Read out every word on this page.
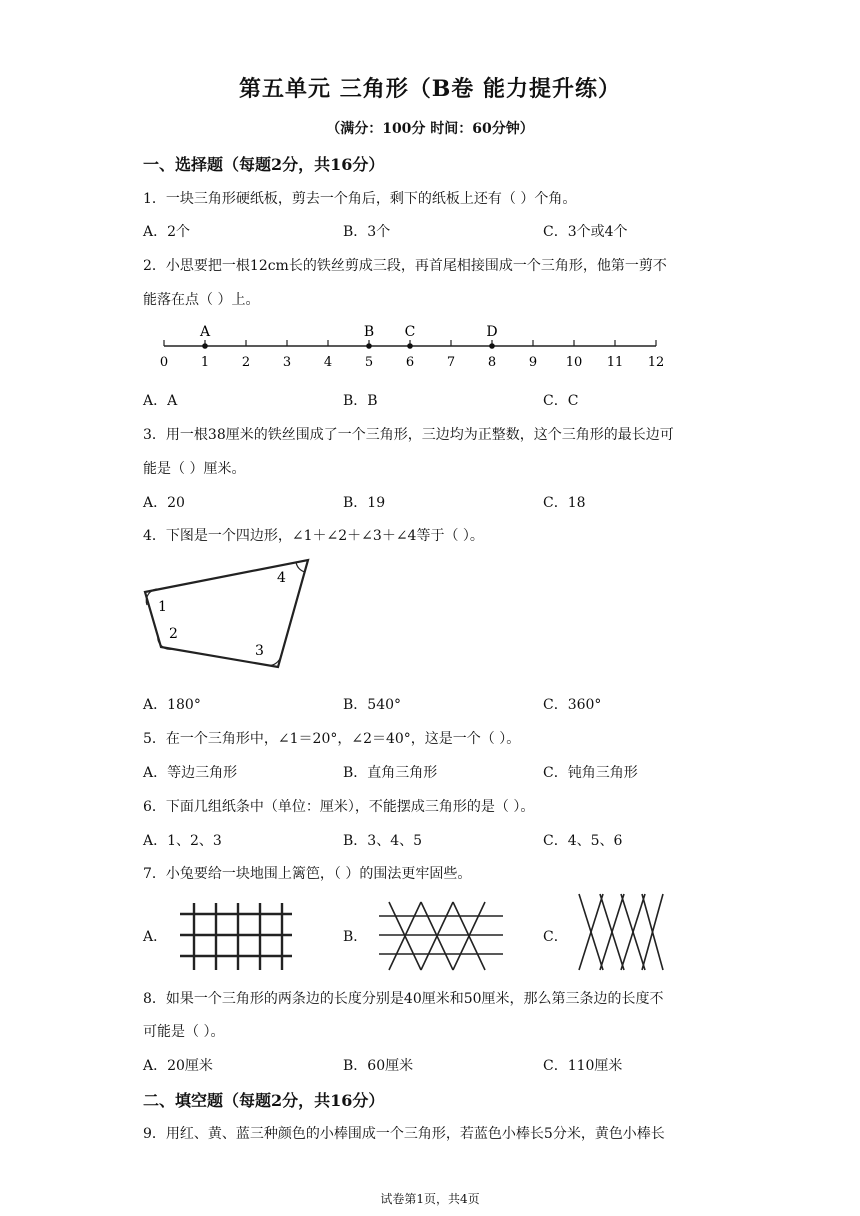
第五单元 三角形（B卷 能力提升练）
（满分：100分 时间：60分钟）
一、选择题（每题2分，共16分）
1．一块三角形硬纸板，剪去一个角后，剩下的纸板上还有（ ）个角。
A．2个	B．3个	C．3个或4个
2．小思要把一根12cm长的铁丝剪成三段，再首尾相接围成一个三角形，他第一剪不
能落在点（ ）上。
0	1	2	3	4	5	6	7	8	9 10 11 12
A	B C	D
A．A	B．B	C．C
3．用一根38厘米的铁丝围成了一个三角形，三边均为正整数，这个三角形的最长边可
能是（ ）厘米。
A．20	B．19	C．18
4．下图是一个四边形，∠1＋∠2＋∠3＋∠4等于（ ）。
1
2
3
4
A．180°	B．540°	C．360°
5．在一个三角形中，∠1＝20°，∠2＝40°，这是一个（ ）。
A．等边三角形	B．直角三角形	C．钝角三角形
6．下面几组纸条中（单位：厘米），不能摆成三角形的是（ ）。
A．1、2、3	B．3、4、5	C．4、5、6
7．小兔要给一块地围上篱笆，（ ）的围法更牢固些。
A．	B．	C．
8．如果一个三角形的两条边的长度分别是40厘米和50厘米，那么第三条边的长度不
可能是（ ）。
A．20厘米	B．60厘米	C．110厘米
二、填空题（每题2分，共16分）
9．用红、黄、蓝三种颜色的小棒围成一个三角形，若蓝色小棒长5分米，黄色小棒长
试卷第1页，共4页
